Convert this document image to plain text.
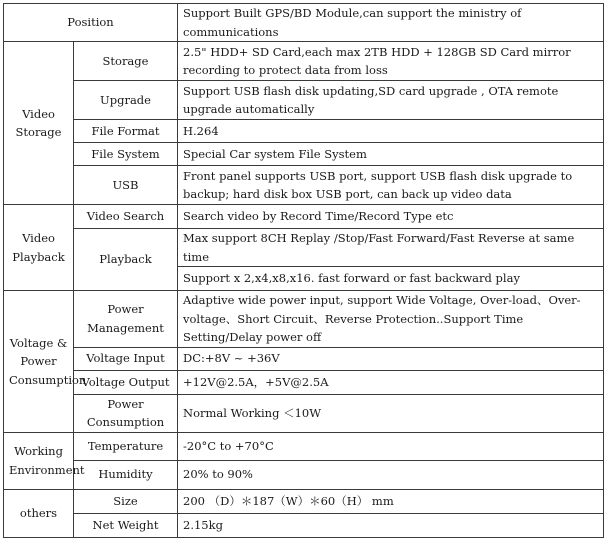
Position		Support Built GPS/BD Module,can support the ministry of communications
Video Storage	Storage	2.5" HDD+ SD Card,each max 2TB HDD + 128GB SD Card mirror recording to protect data from loss
	Upgrade	Support USB flash disk updating,SD card upgrade , OTA remote upgrade automatically
	File Format	H.264
	File System	Special Car system File System
	USB	Front panel supports USB port, support USB flash disk upgrade to backup; hard disk box USB port, can back up video data
Video Playback	Video Search	Search video by Record Time/Record Type etc
	Playback	Max support 8CH Replay /Stop/Fast Forward/Fast Reverse at same time
		Support x 2,x4,x8,x16. fast forward or fast backward play
Voltage & Power Consumption	Power Management	Adaptive wide power input, support Wide Voltage, Over-load、Over-voltage、Short Circuit、Reverse Protection..Support Time Setting/Delay power off
	Voltage Input	DC:+8V ~ +36V
	Voltage Output	+12V@2.5A，+5V@2.5A
	Power Consumption	Normal Working ＜10W
Working Environment	Temperature	-20°C to +70°C
	Humidity	20% to 90%
others	Size	200 （D）＊187（W）＊60（H） mm
	Net Weight	2.15kg
